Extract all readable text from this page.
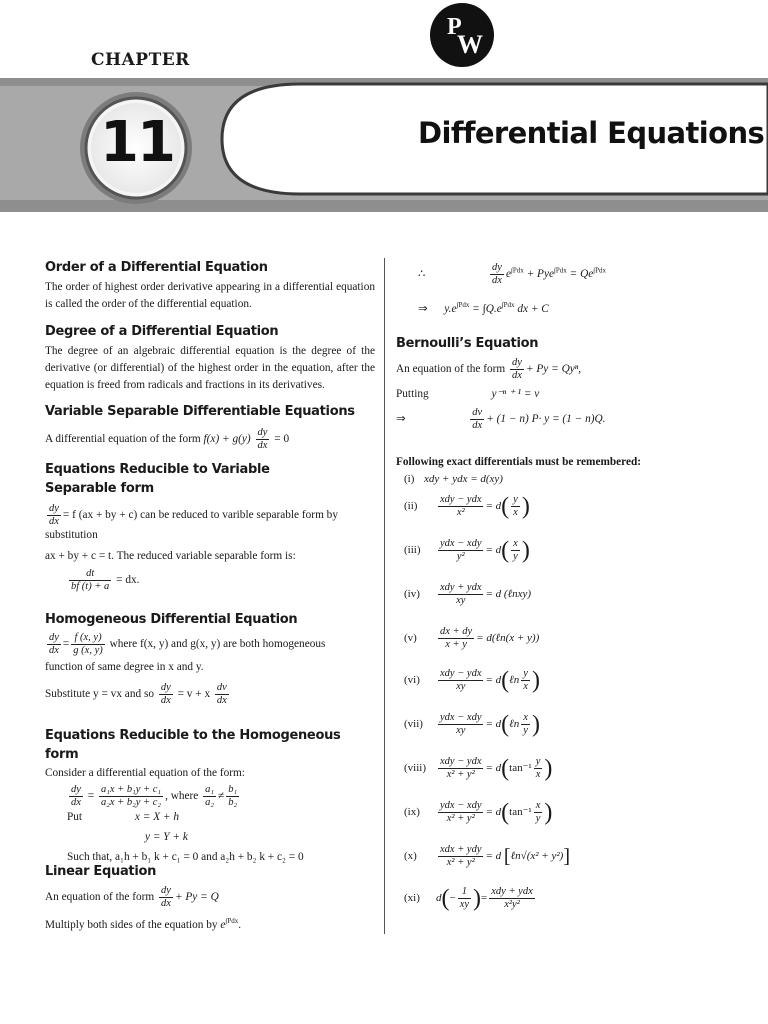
CHAPTER
11	Differential Equations
P
W
Order of a Differential Equation

The order of highest order derivative appearing in a differential equation is called the order of the differential equation.

Degree of a Differential Equation

The degree of an algebraic differential equation is the degree of the derivative (or differential) of the highest order in the equation, after the equation is freed from radicals and fractions in its derivatives.

Variable Separable Differentiable Equations

A differential equation of the form $f(x) + g(y) \frac{dy}{dx} = 0$

Equations Reducible to Variable
Separable form

$\frac{dy}{dx} = f$ (ax + by + c) can be reduced to varible separable form by

substitution

ax + by + c = t. The reduced variable separable form is:

$\frac{dt}{bf (t) + a}$ = dx.

Homogeneous Differential Equation

$\frac{dy}{dx} = \frac{f (x, y)}{g (x, y)}$ where f(x, y) and g(x, y) are both homogeneous

function of same degree in x and y.

Substitute y = vx and so $\frac{dy}{dx} = v + x \frac{dv}{dx}$

Equations Reducible to the Homogeneous form

Consider a differential equation of the form:

$\frac{dy}{dx} = \frac{\text{a₁x + b₁y + c₁}}{\text{a₂x + b₂y + c₂}}$ , where $\frac{\text{a₁}}{\text{a₂}} \ne \frac{\text{b₁}}{\text{b₂}}$

Put	x = X + h

y = Y + k

Such that, a₁h + b₁ k + c₁ = 0 and a₂h + b₂ k + c₂ = 0

Linear Equation

An equation of the form $\frac{dy}{dx} + Py = Q$

Multiply both sides of the equation by $e^{\int Pdx}$.

∴	$\frac{dy}{dx} e^{\int Pdx} + Pye^{\int Pdx} = Qe^{\int Pdx}$

⇒ $y.e^{\int Pdx} = \int Q.e^{\int Pdx}$ dx + C

Bernoulli’s Equation

An equation of the form $\frac{dy}{dx} + Py = Qy^n$,

Putting	y⁻ⁿ ⁺ ¹ = v

⇒	$\frac{dv}{dx} + (1 - n)$ P· y = (1 − n)Q.

Following exact differentials must be remembered:

(i) xdy + ydx = d(xy)
$(ii) \frac{\text{xdy − ydx}}{\text{x²}} = d( \frac{y}{x}$ )
$(iii) \frac{\text{ydx − xdy}}{\text{y²}} = d( \frac{x}{y}$ )
$(iv) \frac{\text{xdy + ydx}}{xy} = d$ (ℓnxy)
$(v) \frac{dx + dy}{x + y}$ = d(ℓn(x + y))
$(vi) \frac{\text{xdy − ydx}}{xy}$ = d(ℓn $\frac{y}{x}$ )
$(vii) \frac{\text{ydx − xdy}}{xy}$ = d(ℓn $\frac{x}{y}$ )
(viii) $\frac{\text{xdy − ydx}}{\text{x² + y²}} = d(\tan^{-1} \frac{y}{x}$ )
$(ix) \frac{\text{ydx − xdy}}{\text{x² + y²}} = d(\tan^{-1} \frac{x}{y}$ )
$(x) \frac{\text{xdx + ydy}}{\text{x² + y²}} = d$ [ℓn√(x² + y²)]
(xi) $d(- \frac{1}{xy}$ )= $\frac{\text{xdy + ydx}}{\text{x²y²}}$
